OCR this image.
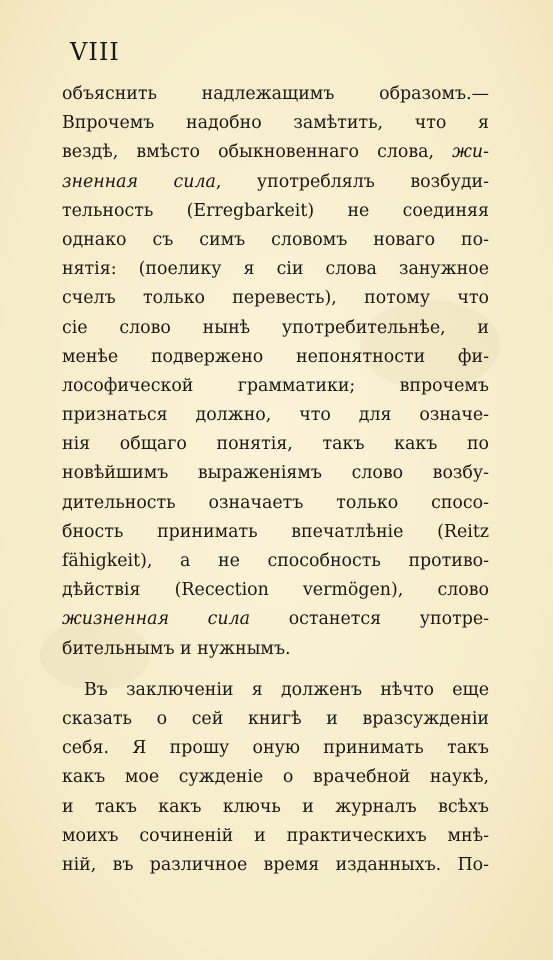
VIII
объяснить надлежащимъ образомъ.—
Впрочемъ надобно замѣтить, что я
вездѣ, вмѣсто обыкновеннаго слова, жи-
зненная сила, употреблялъ возбуди-
тельность (Erregbarkeit) не соединяя
однако съ симъ словомъ новаго по-
нятія: (поелику я сіи слова занужное
счелъ только перевесть), потому что
сіе слово нынѣ употребительнѣе, и
менѣе подвержено непонятности фи-
лософической грамматики; впрочемъ
признаться должно, что для означе-
нія общаго понятія, такъ какъ по
новѣйшимъ выраженіямъ слово возбу-
дительность означаетъ только спосо-
бность принимать впечатлѣніе (Reitz
fähigkeit), а не способность противо-
дѣйствія (Recection vermögen), слово
жизненная сила останется употре-
бительнымъ и нужнымъ.
Въ заключеніи я долженъ нѣчто еще
сказать о сей книгѣ и вразсужденіи
себя. Я прошу оную принимать такъ
какъ мое сужденіе о врачебной наукѣ,
и такъ какъ ключь и журналъ всѣхъ
моихъ сочиненій и практическихъ мнѣ-
ній, въ различное время изданныхъ. По-
